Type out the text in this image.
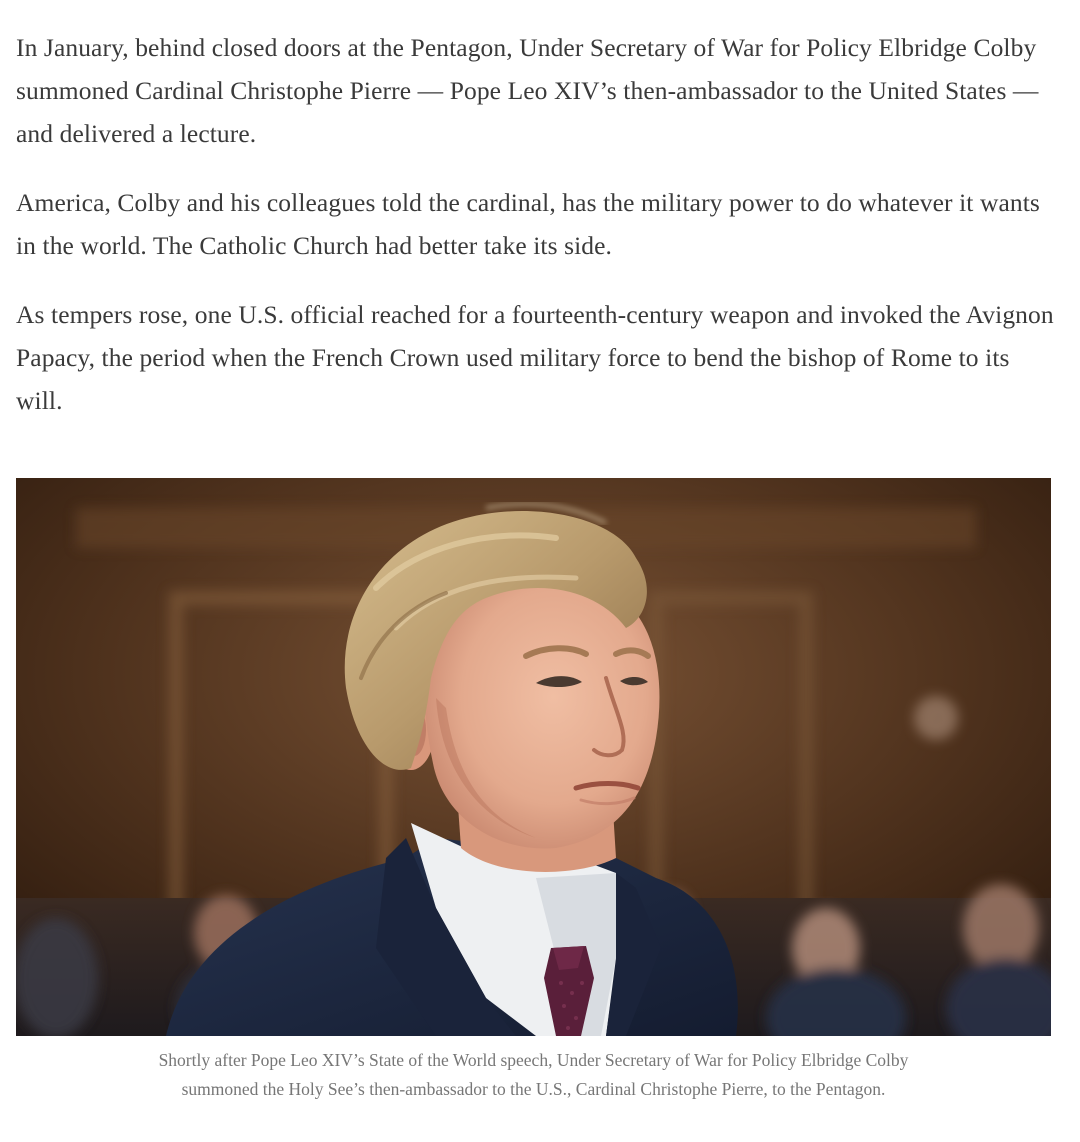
In January, behind closed doors at the Pentagon, Under Secretary of War for Policy Elbridge Colby summoned Cardinal Christophe Pierre — Pope Leo XIV’s then-ambassador to the United States — and delivered a lecture.

America, Colby and his colleagues told the cardinal, has the military power to do whatever it wants in the world. The Catholic Church had better take its side.

As tempers rose, one U.S. official reached for a fourteenth-century weapon and invoked the Avignon Papacy, the period when the French Crown used military force to bend the bishop of Rome to its will.

Shortly after Pope Leo XIV’s State of the World speech, Under Secretary of War for Policy Elbridge Colby summoned the Holy See’s then-ambassador to the U.S., Cardinal Christophe Pierre, to the Pentagon.
